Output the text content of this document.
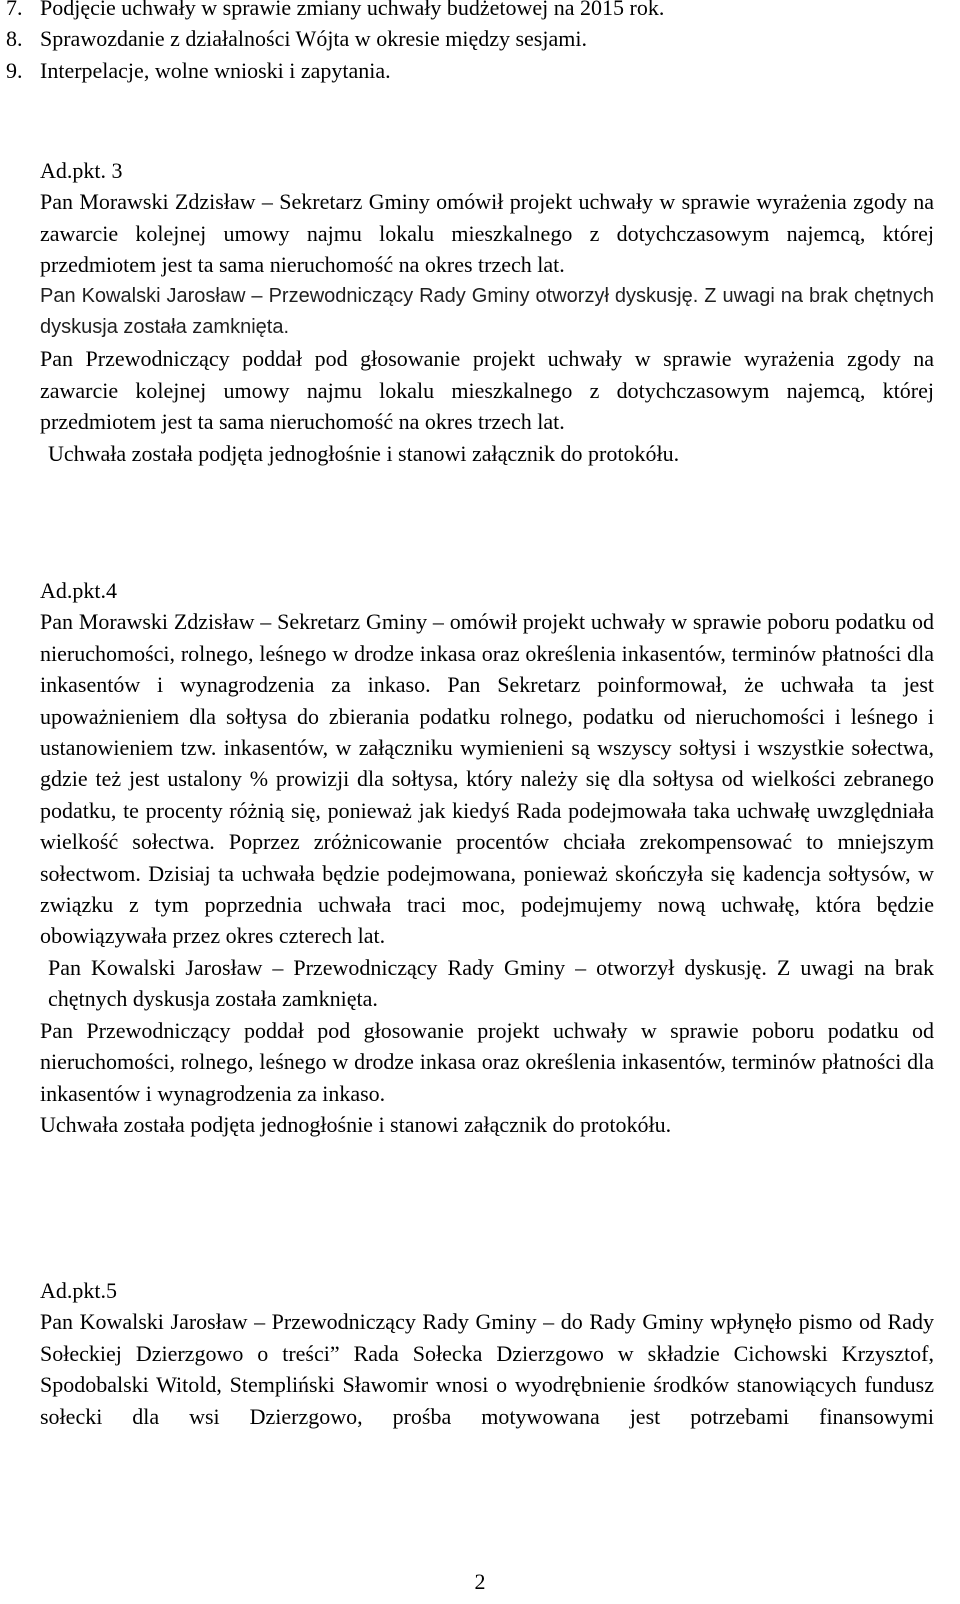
7. Podjęcie uchwały w sprawie zmiany uchwały budżetowej na 2015 rok.
8. Sprawozdanie z działalności Wójta w okresie między sesjami.
9. Interpelacje, wolne wnioski i zapytania.
Ad.pkt. 3

Pan Morawski Zdzisław – Sekretarz Gminy omówił projekt uchwały w sprawie wyrażenia zgody na zawarcie kolejnej umowy najmu lokalu mieszkalnego z dotychczasowym najemcą, której przedmiotem jest ta sama nieruchomość na okres trzech lat.

Pan Kowalski Jarosław – Przewodniczący Rady Gminy otworzył dyskusję. Z uwagi na brak chętnych dyskusja została zamknięta.

Pan Przewodniczący poddał pod głosowanie projekt uchwały w sprawie wyrażenia zgody na zawarcie kolejnej umowy najmu lokalu mieszkalnego z dotychczasowym najemcą, której przedmiotem jest ta sama nieruchomość na okres trzech lat.

Uchwała została podjęta jednogłośnie i stanowi załącznik do protokółu.

Ad.pkt.4

Pan Morawski Zdzisław – Sekretarz Gminy – omówił projekt uchwały w sprawie poboru podatku od nieruchomości, rolnego, leśnego w drodze inkasa oraz określenia inkasentów, terminów płatności dla inkasentów i wynagrodzenia za inkaso. Pan Sekretarz poinformował, że uchwała ta jest upoważnieniem dla sołtysa do zbierania podatku rolnego, podatku od nieruchomości i leśnego i ustanowieniem tzw. inkasentów, w załączniku wymienieni są wszyscy sołtysi i wszystkie sołectwa, gdzie też jest ustalony % prowizji dla sołtysa, który należy się dla sołtysa od wielkości zebranego podatku, te procenty różnią się, ponieważ jak kiedyś Rada podejmowała taka uchwałę uwzględniała wielkość sołectwa. Poprzez zróżnicowanie procentów chciała zrekompensować to mniejszym sołectwom. Dzisiaj ta uchwała będzie podejmowana, ponieważ skończyła się kadencja sołtysów, w związku z tym poprzednia uchwała traci moc, podejmujemy nową uchwałę, która będzie obowiązywała przez okres czterech lat.

Pan Kowalski Jarosław – Przewodniczący Rady Gminy – otworzył dyskusję. Z uwagi na brak chętnych dyskusja została zamknięta.

Pan Przewodniczący poddał pod głosowanie projekt uchwały w sprawie poboru podatku od nieruchomości, rolnego, leśnego w drodze inkasa oraz określenia inkasentów, terminów płatności dla inkasentów i wynagrodzenia za inkaso.

Uchwała została podjęta jednogłośnie i stanowi załącznik do protokółu.

Ad.pkt.5

Pan Kowalski Jarosław – Przewodniczący Rady Gminy – do Rady Gminy wpłynęło pismo od Rady Sołeckiej Dzierzgowo o treści” Rada Sołecka Dzierzgowo w składzie Cichowski Krzysztof, Spodobalski Witold, Stempliński Sławomir wnosi o wyodrębnienie środków stanowiących fundusz sołecki dla wsi Dzierzgowo, prośba motywowana jest potrzebami finansowymi

2
